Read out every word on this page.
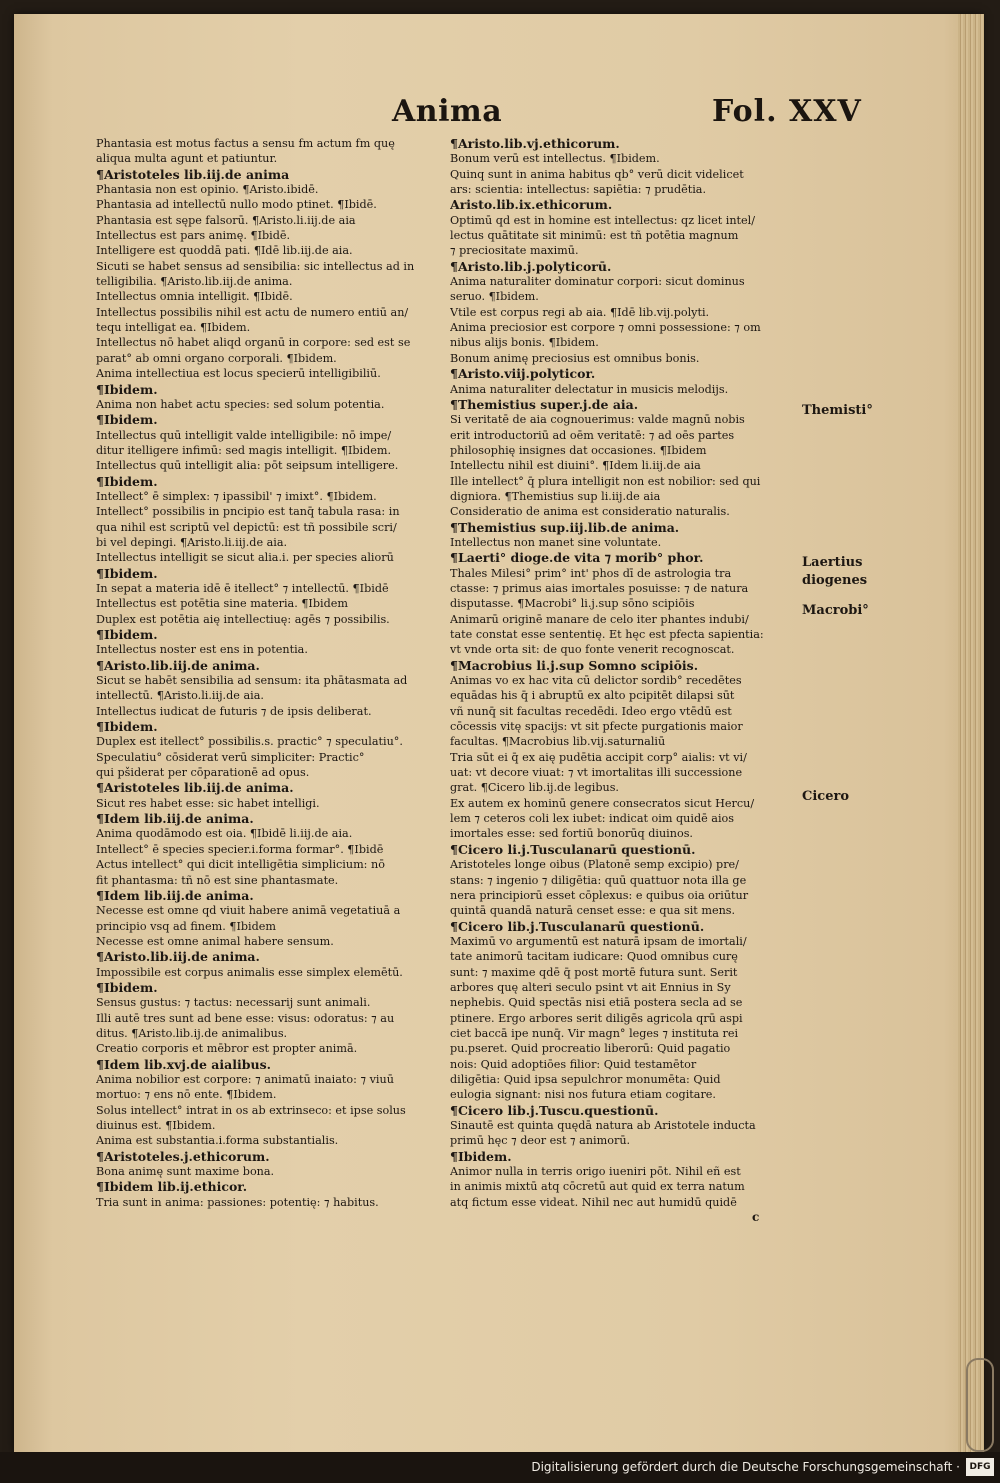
Anima	Fol. XXV
Phantasia est motus factus a sensu fm actum fm quę
aliqua multa agunt et patiuntur.
¶Aristoteles lib.iij.de anima
Phantasia non est opinio. ¶Aristo.ibidē.
Phantasia ad intellectū nullo modo ptinet. ¶Ibidē.
Phantasia est sępe falsorū. ¶Aristo.li.iij.de aia
Intellectus est pars animę. ¶Ibidē.
Intelligere est quoddā pati. ¶Idē lib.iij.de aia.
Sicuti se habet sensus ad sensibilia: sic intellectus ad in
telligibilia. ¶Aristo.lib.iij.de anima.
Intellectus omnia intelligit. ¶Ibidē.
Intellectus possibilis nihil est actu de numero entiū an/
tequ intelligat ea. ¶Ibidem.
Intellectus nō habet aliqd organū in corpore: sed est se
parat° ab omni organo corporali. ¶Ibidem.
Anima intellectiua est locus specierū intelligibiliū.
¶Ibidem.
Anima non habet actu species: sed solum potentia.
¶Ibidem.
Intellectus quū intelligit valde intelligibile: nō impe/
ditur itelligere infimū: sed magis intelligit. ¶Ibidem.
Intellectus quū intelligit alia: pōt seipsum intelligere.
¶Ibidem.
Intellect° ē simplex: ⁊ ipassibil' ⁊ imixt°. ¶Ibidem.
Intellect° possibilis in pncipio est tanq̄ tabula rasa: in
qua nihil est scriptū vel depictū: est tñ possibile scri/
bi vel depingi. ¶Aristo.li.iij.de aia.
Intellectus intelligit se sicut alia.i. per species aliorū
¶Ibidem.
In sepat a materia idē ē itellect° ⁊ intellectū. ¶Ibidē
Intellectus est potētia sine materia. ¶Ibidem
Duplex est potētia aię intellectiuę: agēs ⁊ possibilis.
¶Ibidem.
Intellectus noster est ens in potentia.
¶Aristo.lib.iij.de anima.
Sicut se habēt sensibilia ad sensum: ita phātasmata ad
intellectū. ¶Aristo.li.iij.de aia.
Intellectus iudicat de futuris ⁊ de ipsis deliberat.
¶Ibidem.
Duplex est itellect° possibilis.s. practic° ⁊ speculatiu°.
Speculatiu° cōsiderat verū simpliciter: Practic°
qui pšiderat per cōparationē ad opus.
¶Aristoteles lib.iij.de anima.
Sicut res habet esse: sic habet intelligi.
¶Idem lib.iij.de anima.
Anima quodāmodo est oia. ¶Ibidē li.iij.de aia.
Intellect° ē species specier.i.forma formar°. ¶Ibidē
Actus intellect° qui dicit intelligētia simplicium: nō
fit phantasma: tñ nō est sine phantasmate.
¶Idem lib.iij.de anima.
Necesse est omne qd viuit habere animā vegetatiuā a
principio vsq ad finem. ¶Ibidem
Necesse est omne animal habere sensum.
¶Aristo.lib.iij.de anima.
Impossibile est corpus animalis esse simplex elemētū.
¶Ibidem.
Sensus gustus: ⁊ tactus: necessarij sunt animali.
Illi autē tres sunt ad bene esse: visus: odoratus: ⁊ au
ditus. ¶Aristo.lib.ij.de animalibus.
Creatio corporis et mēbror est propter animā.
¶Idem lib.xvj.de aialibus.
Anima nobilior est corpore: ⁊ animatū inaiato: ⁊ viuū
mortuo: ⁊ ens nō ente. ¶Ibidem.
Solus intellect° intrat in os ab extrinseco: et ipse solus
diuinus est. ¶Ibidem.
Anima est substantia.i.forma substantialis.
¶Aristoteles.j.ethicorum.
Bona animę sunt maxime bona.
¶Ibidem lib.ij.ethicor.
Tria sunt in anima: passiones: potentię: ⁊ habitus.
¶Aristo.lib.vj.ethicorum.
Bonum verū est intellectus. ¶Ibidem.
Quinq sunt in anima habitus qb° verū dicit videlicet
ars: scientia: intellectus: sapiētia: ⁊ prudētia.
Aristo.lib.ix.ethicorum.
Optimū qd est in homine est intellectus: qz licet intel/
lectus quātitate sit minimū: est tñ potētia magnum
⁊ preciositate maximū.
¶Aristo.lib.j.polyticorū.
Anima naturaliter dominatur corpori: sicut dominus
seruo. ¶Ibidem.
Vtile est corpus regi ab aia. ¶Idē lib.vij.polyti.
Anima preciosior est corpore ⁊ omni possessione: ⁊ om
nibus alijs bonis. ¶Ibidem.
Bonum animę preciosius est omnibus bonis.
¶Aristo.viij.polyticor.
Anima naturaliter delectatur in musicis melodijs.
¶Themistius super.j.de aia.
Si veritatē de aia cognouerimus: valde magnū nobis
erit introductoriū ad oēm veritatē: ⁊ ad oēs partes
philosophię insignes dat occasiones. ¶Ibidem
Intellectu nihil est diuini°. ¶Idem li.iij.de aia
Ille intellect° q̄ plura intelligit non est nobilior: sed qui
digniora. ¶Themistius sup li.iij.de aia
Consideratio de anima est consideratio naturalis.
¶Themistius sup.iij.lib.de anima.
Intellectus non manet sine voluntate.
¶Laerti° dioge.de vita ⁊ morib° phor.
Thales Milesi° prim° int' phos dī de astrologia tra
ctasse: ⁊ primus aias imortales posuisse: ⁊ de natura
disputasse. ¶Macrobi° li.j.sup sōno scipiōis
Animarū originē manare de celo iter phantes indubi/
tate constat esse sententię. Et hęc est pfecta sapientia:
vt vnde orta sit: de quo fonte venerit recognoscat.
¶Macrobius li.j.sup Somno scipiōis.
Animas vo ex hac vita cū delictor sordib° recedētes
equādas his q̄ i abruptū ex alto pcipitēt dilapsi sūt
vñ nunq̄ sit facultas recedēdi. Ideo ergo vtēdū est
cōcessis vitę spacijs: vt sit pfecte purgationis maior
facultas. ¶Macrobius lib.vij.saturnaliū
Tria sūt ei q̄ ex aię pudētia accipit corp° aialis: vt vi/
uat: vt decore viuat: ⁊ vt imortalitas illi successione
grat. ¶Cicero lib.ij.de legibus.
Ex autem ex hominū genere consecratos sicut Hercu/
lem ⁊ ceteros coli lex iubet: indicat oim quidē aios
imortales esse: sed fortiū bonorūq diuinos.
¶Cicero li.j.Tusculanarū questionū.
Aristoteles longe oibus (Platonē semp excipio) pre/
stans: ⁊ ingenio ⁊ diligētia: quū quattuor nota illa ge
nera principiorū esset cōplexus: e quibus oia oriūtur
quintā quandā naturā censet esse: e qua sit mens.
¶Cicero lib.j.Tusculanarū questionū.
Maximū vo argumentū est naturā ipsam de imortali/
tate animorū tacitam iudicare: Quod omnibus curę
sunt: ⁊ maxime qdē q̄ post mortē futura sunt. Serit
arbores quę alteri seculo psint vt ait Ennius in Sy
nephebis. Quid spectās nisi etiā postera secla ad se
ptinere. Ergo arbores serit diligēs agricola qrū aspi
ciet baccā ipe nunq̄. Vir magn° leges ⁊ instituta rei
pu.pseret. Quid procreatio liberorū: Quid pagatio
nois: Quid adoptiōes filior: Quid testamētor
diligētia: Quid ipsa sepulchror monumēta: Quid
eulogia signant: nisi nos futura etiam cogitare.
¶Cicero lib.j.Tuscu.questionū.
Sinautē est quinta quędā natura ab Aristotele inducta
primū hęc ⁊ deor est ⁊ animorū.
¶Ibidem.
Animor nulla in terris origo iueniri pōt. Nihil eñ est
in animis mixtū atq cōcretū aut quid ex terra natum
atq fictum esse videat. Nihil nec aut humidū quidē
Themisti°
Laertius
diogenes
Macrobi°
Cicero
c
Digitalisierung gefördert durch die Deutsche Forschungsgemeinschaft ·	DFG
